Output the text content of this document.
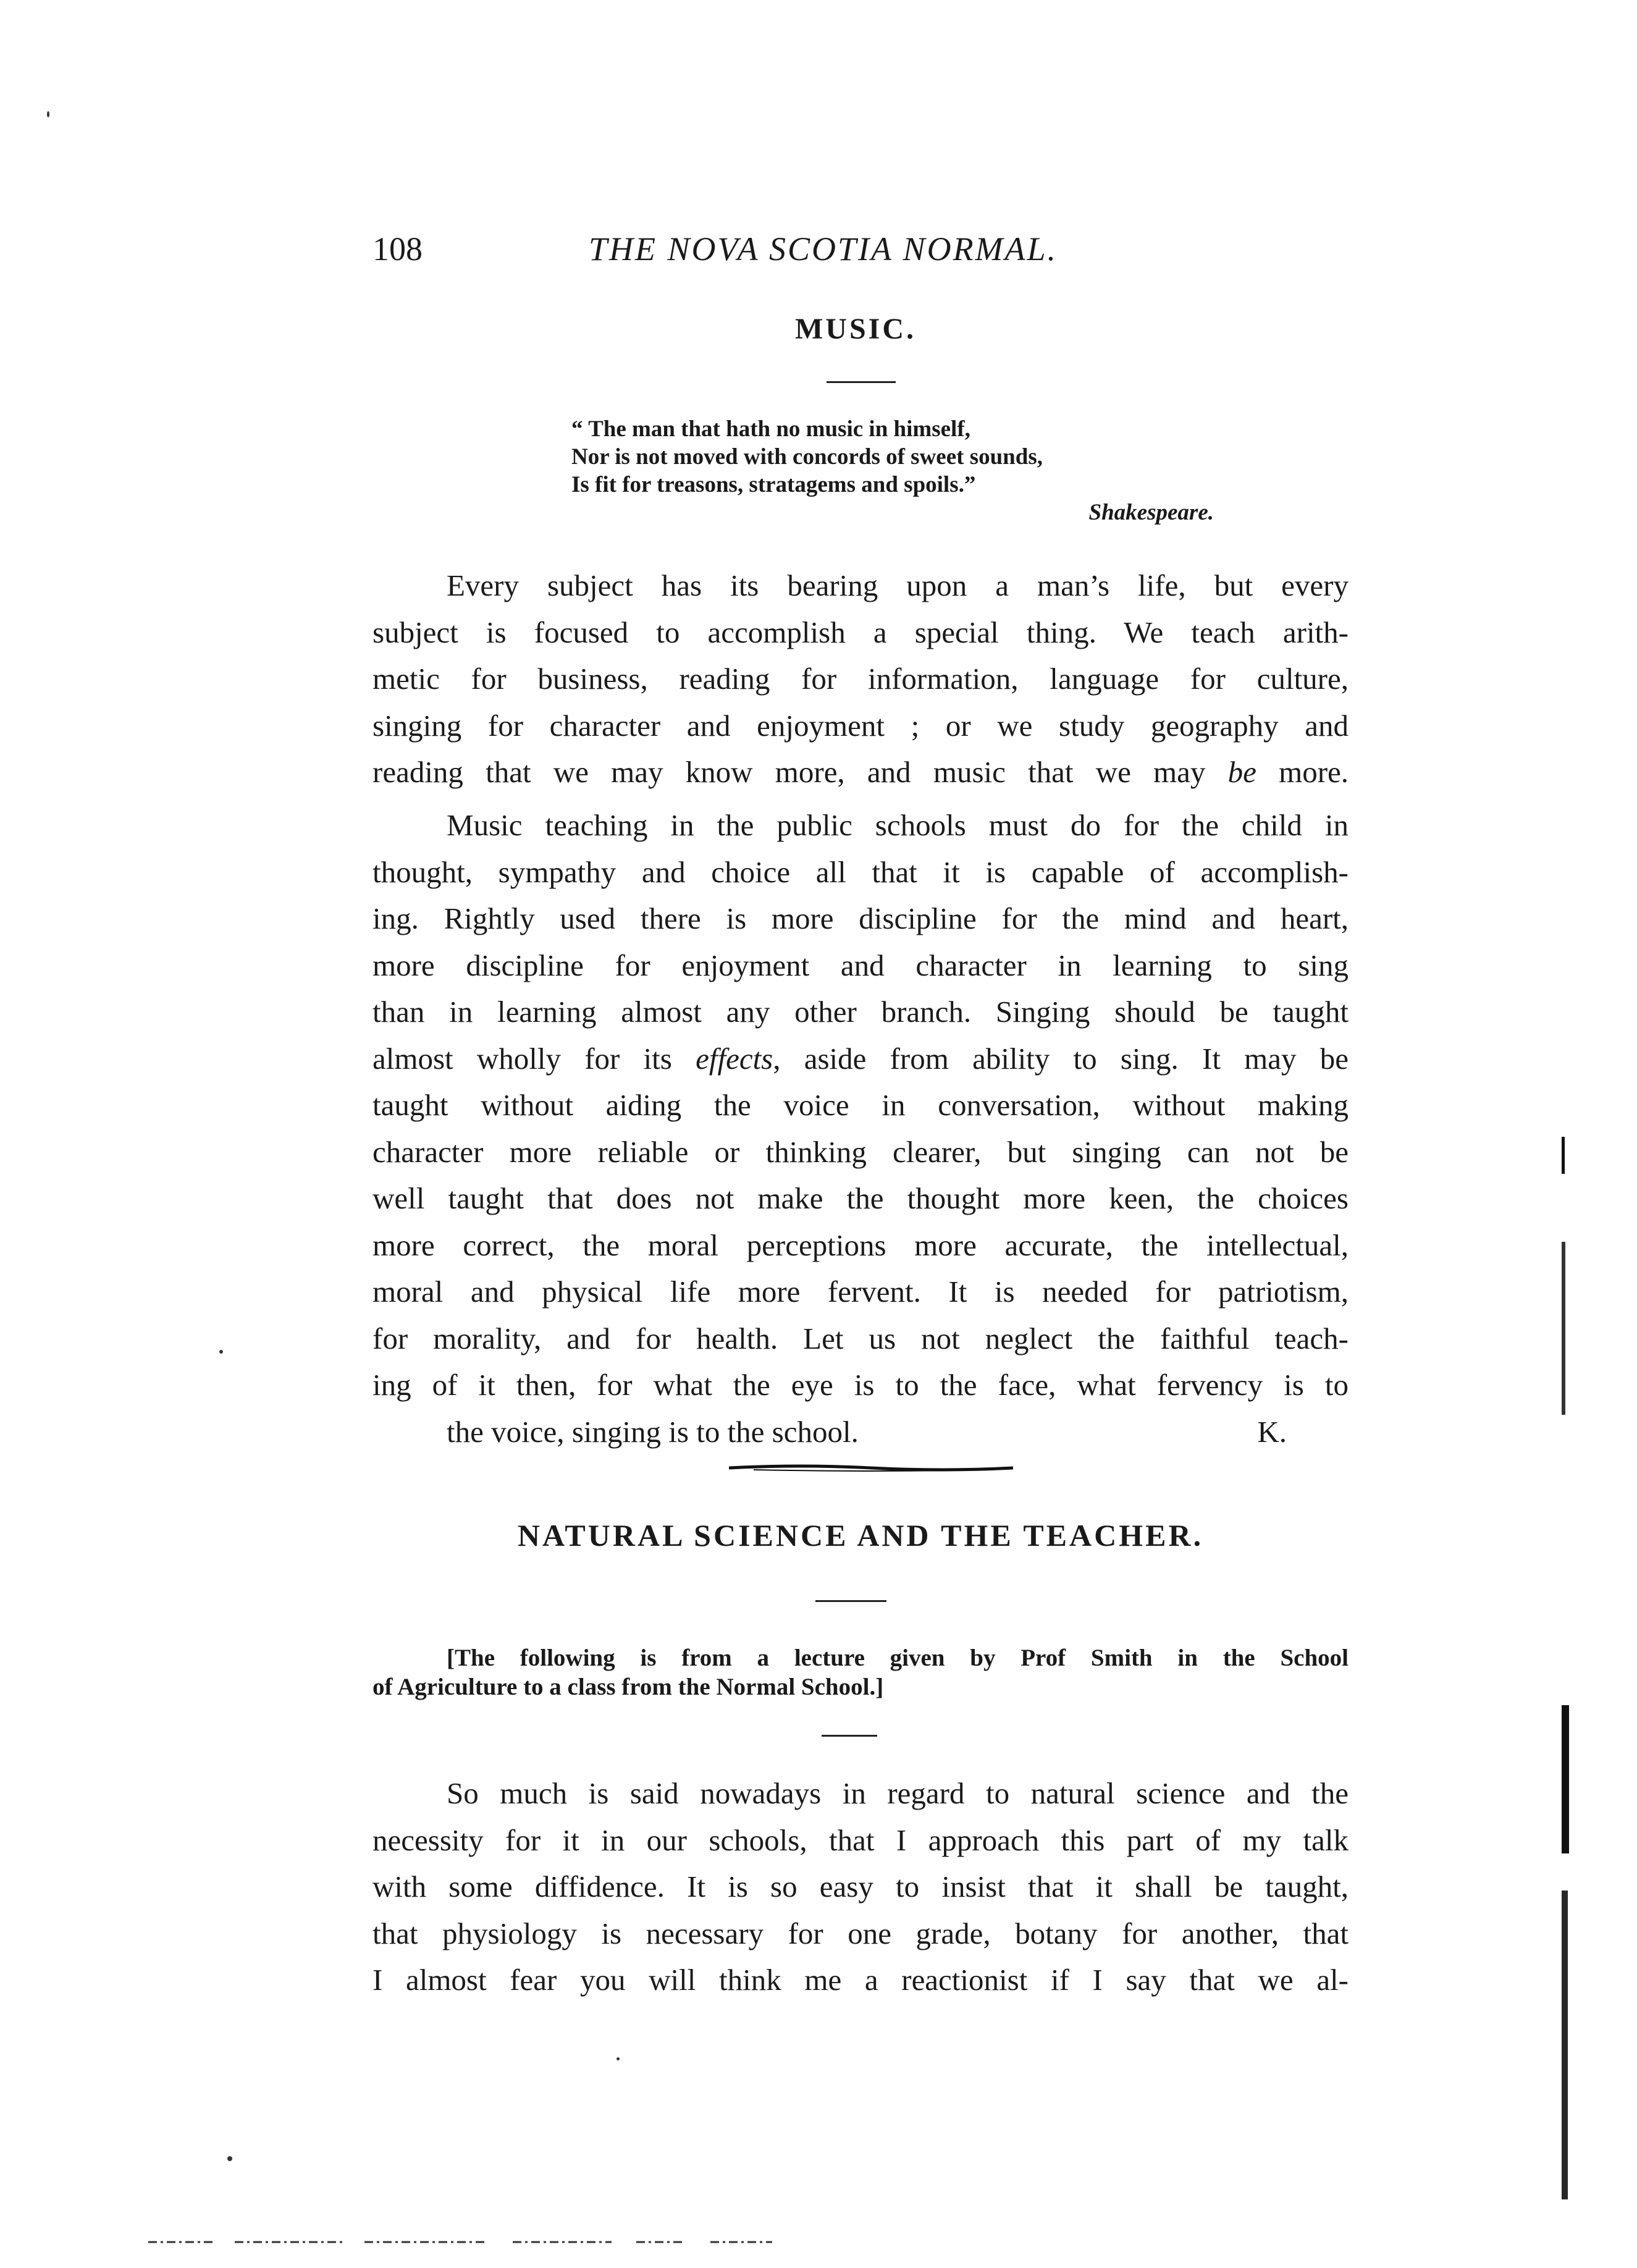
108	THE NOVA SCOTIA NORMAL.
MUSIC.
“ The man that hath no music in himself,
Nor is not moved with concords of sweet sounds,
Is fit for treasons, stratagems and spoils.”
Shakespeare.

Every subject has its bearing upon a man’s life, but every
subject is focused to accomplish a special thing. We teach arith-
metic for business, reading for information, language for culture,
singing for character and enjoyment ; or we study geography and
reading that we may know more, and music that we may be more.

Music teaching in the public schools must do for the child in
thought, sympathy and choice all that it is capable of accomplish-
ing. Rightly used there is more discipline for the mind and heart,
more discipline for enjoyment and character in learning to sing
than in learning almost any other branch. Singing should be taught
almost wholly for its effects, aside from ability to sing. It may be
taught without aiding the voice in conversation, without making
character more reliable or thinking clearer, but singing can not be
well taught that does not make the thought more keen, the choices
more correct, the moral perceptions more accurate, the intellectual,
moral and physical life more fervent. It is needed for patriotism,
for morality, and for health. Let us not neglect the faithful teach-
ing of it then, for what the eye is to the face, what fervency is to
the voice, singing is to the school.	K.

NATURAL SCIENCE AND THE TEACHER.
[The following is from a lecture given by Prof Smith in the School
of Agriculture to a class from the Normal School.]

So much is said nowadays in regard to natural science and the
necessity for it in our schools, that I approach this part of my talk
with some diffidence. It is so easy to insist that it shall be taught,
that physiology is necessary for one grade, botany for another, that
I almost fear you will think me a reactionist if I say that we al-
